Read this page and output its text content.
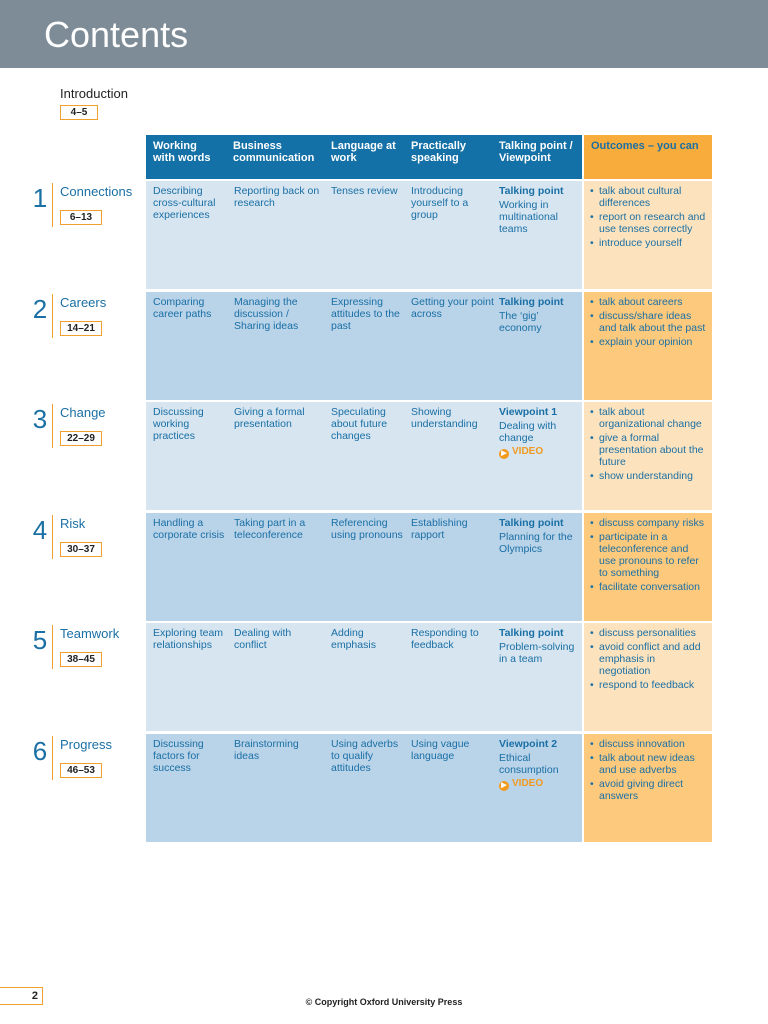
Contents
Introduction
4–5
Working with words
Business communication
Language at work
Practically speaking
Talking point / Viewpoint
Outcomes – you can
1 Connections
6–13
Describing cross-cultural experiences
Reporting back on research
Tenses review	Introducing yourself to a group
Talking point
Working in multinational teams
• talk about cultural differences
• report on research and use tenses correctly
• introduce yourself
2 Careers
14–21
Comparing career paths
Managing the discussion / Sharing ideas
Expressing attitudes to the past
Getting your point across
Talking point
The ‘gig’ economy
• talk about careers
• discuss/share ideas and talk about the past
• explain your opinion
3 Change
22–29
Discussing working practices
Giving a formal presentation
Speculating about future changes
Showing understanding
Viewpoint 1
Dealing with change
▶ VIDEO
• talk about organizational change
• give a formal presentation about the future
• show understanding
4 Risk
30–37
Handling a corporate crisis
Taking part in a teleconference
Referencing using pronouns
Establishing rapport
Talking point
Planning for the Olympics
• discuss company risks
• participate in a teleconference and use pronouns to refer to something
• facilitate conversation
5 Teamwork
38–45
Exploring team relationships
Dealing with conflict
Adding emphasis
Responding to feedback
Talking point
Problem-solving in a team
• discuss personalities
• avoid conflict and add emphasis in negotiation
• respond to feedback
6 Progress
46–53
Discussing factors for success
Brainstorming ideas
Using adverbs to qualify attitudes
Using vague language
Viewpoint 2
Ethical consumption
▶ VIDEO
• discuss innovation
• talk about new ideas and use adverbs
• avoid giving direct answers
2	© Copyright Oxford University Press
